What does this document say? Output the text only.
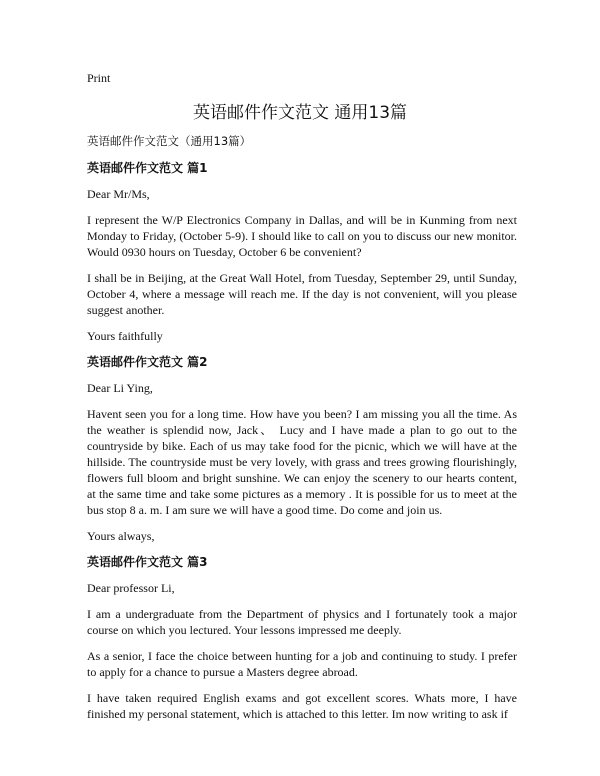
Print
英语邮件作文范文 通用13篇

英语邮件作文范文（通用13篇）

英语邮件作文范文 篇1

Dear Mr/Ms,

I represent the W/P Electronics Company in Dallas, and will be in Kunming from next Monday to Friday, (October 5-9). I should like to call on you to discuss our new monitor. Would 0930 hours on Tuesday, October 6 be convenient?

I shall be in Beijing, at the Great Wall Hotel, from Tuesday, September 29, until Sunday, October 4, where a message will reach me. If the day is not convenient, will you please suggest another.

Yours faithfully

英语邮件作文范文 篇2

Dear Li Ying,

Havent seen you for a long time. How have you been? I am missing you all the time. As the weather is splendid now, Jack、 Lucy and I have made a plan to go out to the countryside by bike. Each of us may take food for the picnic, which we will have at the hillside. The countryside must be very lovely, with grass and trees growing flourishingly, flowers full bloom and bright sunshine. We can enjoy the scenery to our hearts content, at the same time and take some pictures as a memory . It is possible for us to meet at the bus stop 8 a. m. I am sure we will have a good time. Do come and join us.

Yours always,

英语邮件作文范文 篇3

Dear professor Li,

I am a undergraduate from the Department of physics and I fortunately took a major course on which you lectured. Your lessons impressed me deeply.

As a senior, I face the choice between hunting for a job and continuing to study. I prefer to apply for a chance to pursue a Masters degree abroad.

I have taken required English exams and got excellent scores. Whats more, I have finished my personal statement, which is attached to this letter. Im now writing to ask if
